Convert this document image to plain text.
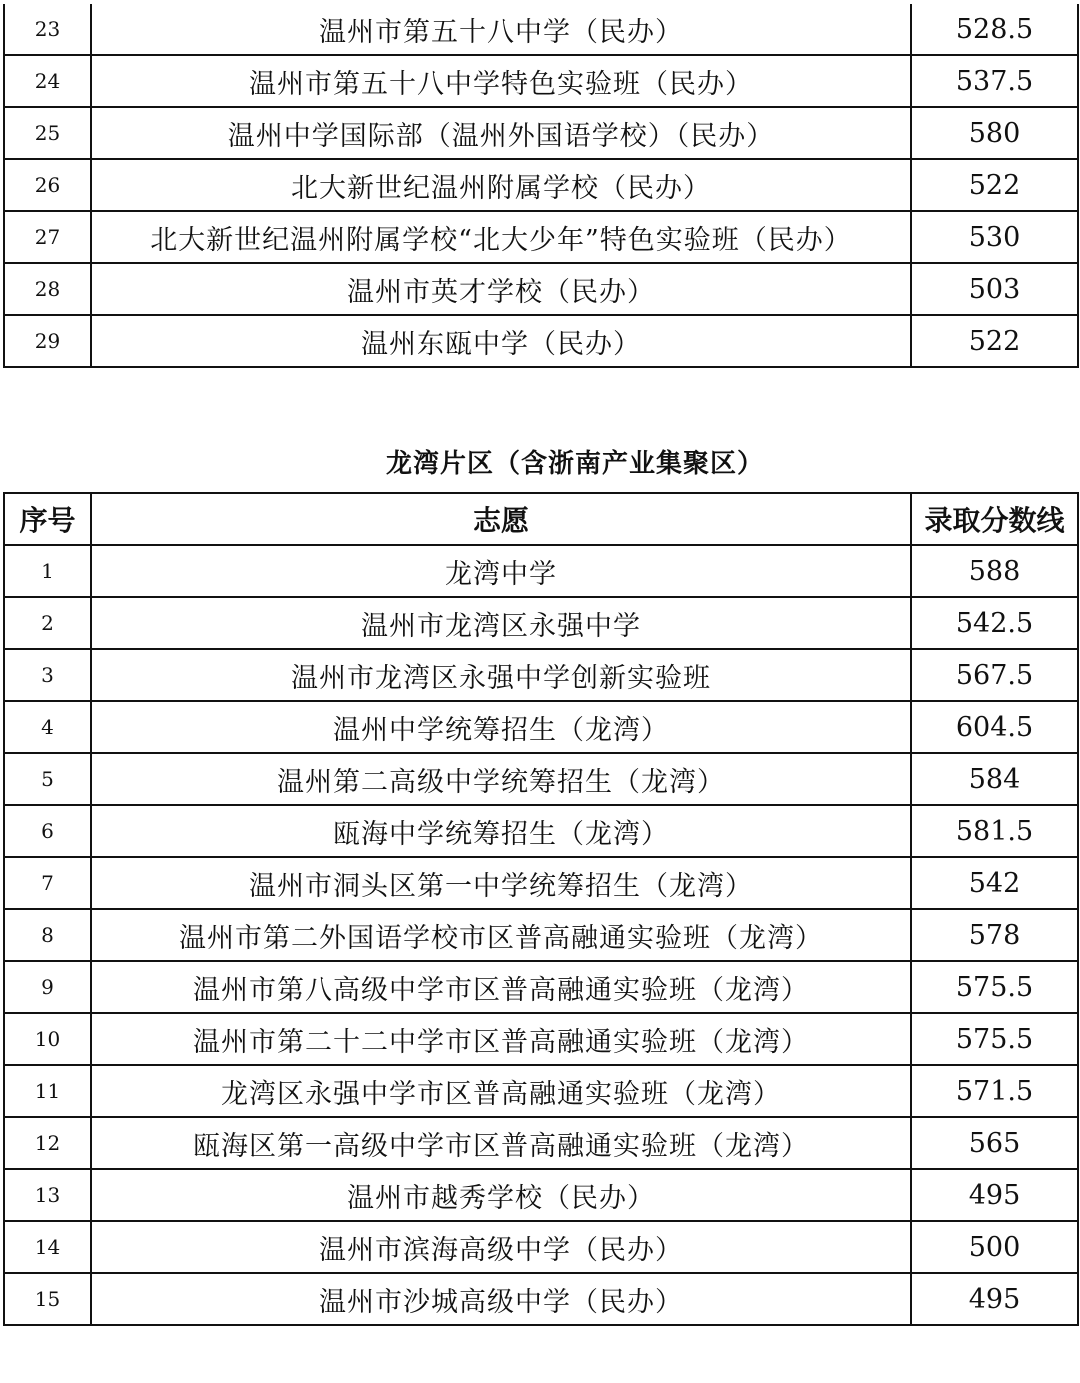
23	温州市第五十八中学（民办）	528.5
24	温州市第五十八中学特色实验班（民办）	537.5
25	温州中学国际部（温州外国语学校）（民办）	580
26	北大新世纪温州附属学校（民办）	522
27	北大新世纪温州附属学校“北大少年”特色实验班（民办）	530
28	温州市英才学校（民办）	503
29	温州东瓯中学（民办）	522
龙湾片区（含浙南产业集聚区）
序号	志愿	录取分数线
1	龙湾中学	588
2	温州市龙湾区永强中学	542.5
3	温州市龙湾区永强中学创新实验班	567.5
4	温州中学统筹招生（龙湾）	604.5
5	温州第二高级中学统筹招生（龙湾）	584
6	瓯海中学统筹招生（龙湾）	581.5
7	温州市洞头区第一中学统筹招生（龙湾）	542
8	温州市第二外国语学校市区普高融通实验班（龙湾）	578
9	温州市第八高级中学市区普高融通实验班（龙湾）	575.5
10	温州市第二十二中学市区普高融通实验班（龙湾）	575.5
11	龙湾区永强中学市区普高融通实验班（龙湾）	571.5
12	瓯海区第一高级中学市区普高融通实验班（龙湾）	565
13	温州市越秀学校（民办）	495
14	温州市滨海高级中学（民办）	500
15	温州市沙城高级中学（民办）	495
